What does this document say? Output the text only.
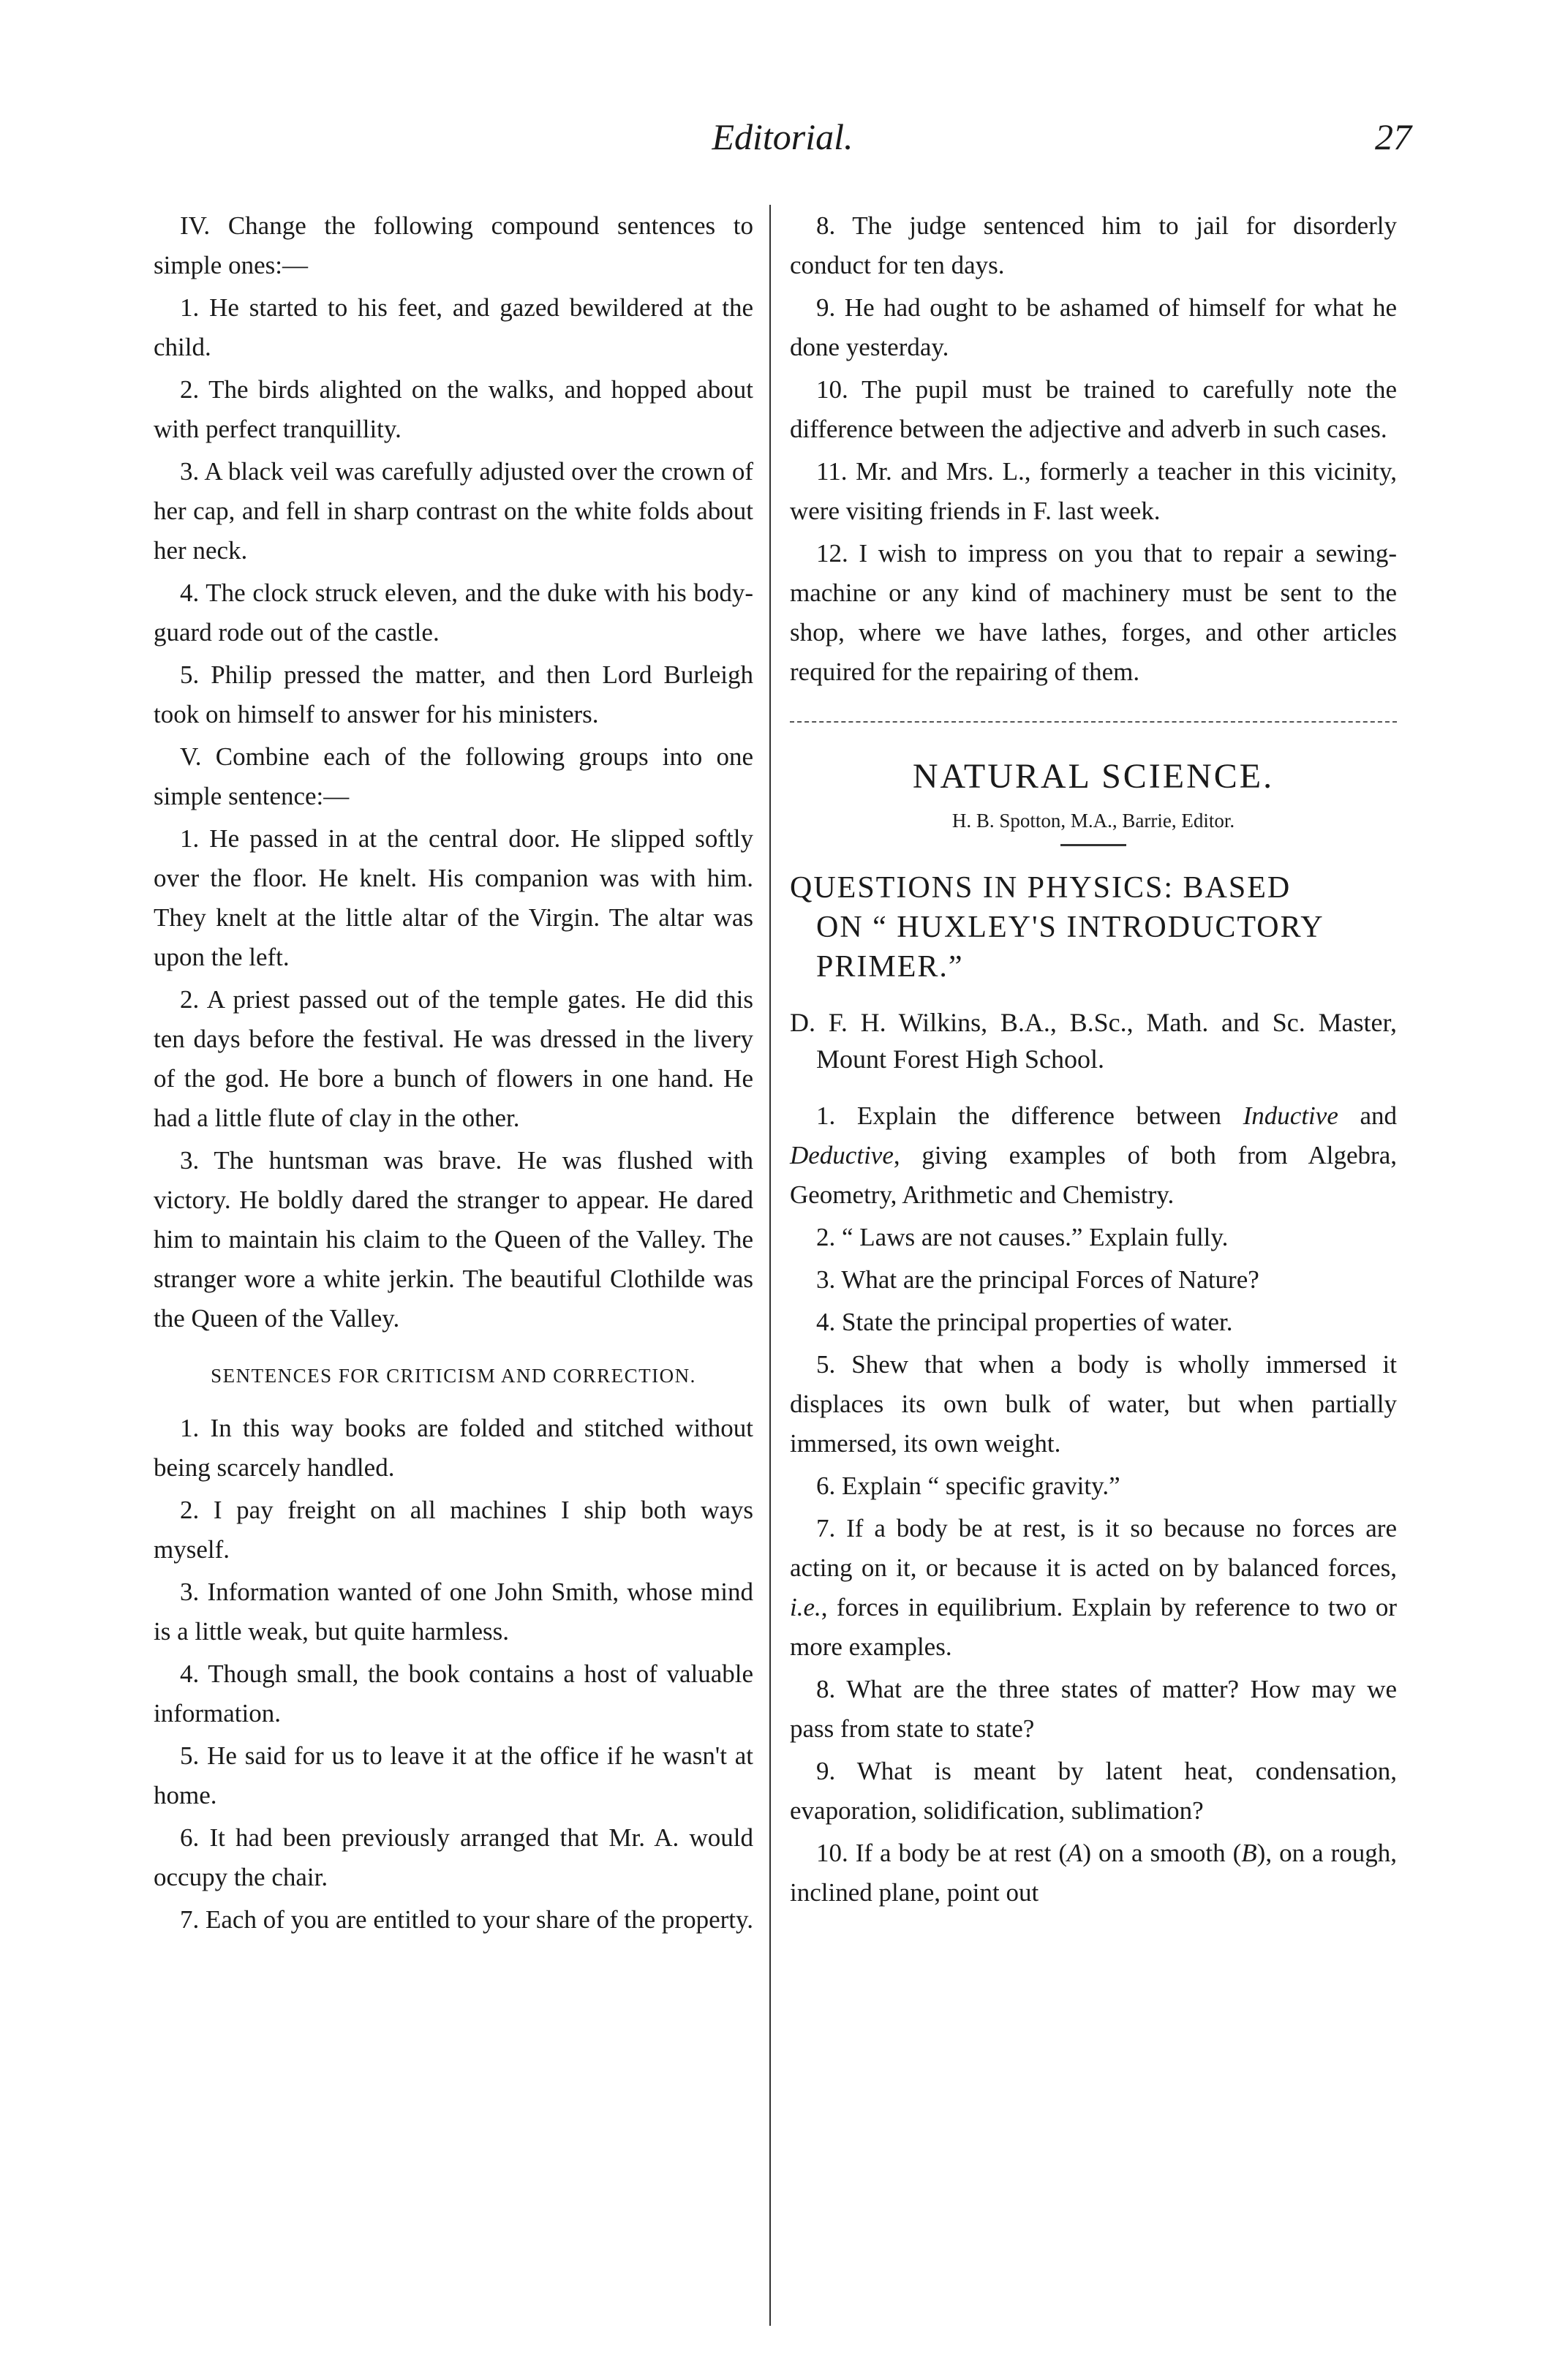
Editorial.	27

IV. Change the following compound sentences to simple ones:—

1. He started to his feet, and gazed bewildered at the child.

2. The birds alighted on the walks, and hopped about with perfect tranquillity.

3. A black veil was carefully adjusted over the crown of her cap, and fell in sharp contrast on the white folds about her neck.

4. The clock struck eleven, and the duke with his body-guard rode out of the castle.

5. Philip pressed the matter, and then Lord Burleigh took on himself to answer for his ministers.

V. Combine each of the following groups into one simple sentence:—

1. He passed in at the central door. He slipped softly over the floor. He knelt. His companion was with him. They knelt at the little altar of the Virgin. The altar was upon the left.

2. A priest passed out of the temple gates. He did this ten days before the festival. He was dressed in the livery of the god. He bore a bunch of flowers in one hand. He had a little flute of clay in the other.

3. The huntsman was brave. He was flushed with victory. He boldly dared the stranger to appear. He dared him to maintain his claim to the Queen of the Valley. The stranger wore a white jerkin. The beautiful Clothilde was the Queen of the Valley.

SENTENCES FOR CRITICISM AND CORRECTION.

1. In this way books are folded and stitched without being scarcely handled.

2. I pay freight on all machines I ship both ways myself.

3. Information wanted of one John Smith, whose mind is a little weak, but quite harmless.

4. Though small, the book contains a host of valuable information.

5. He said for us to leave it at the office if he wasn't at home.

6. It had been previously arranged that Mr. A. would occupy the chair.

7. Each of you are entitled to your share of the property.

8. The judge sentenced him to jail for disorderly conduct for ten days.

9. He had ought to be ashamed of himself for what he done yesterday.

10. The pupil must be trained to carefully note the difference between the adjective and adverb in such cases.

11. Mr. and Mrs. L., formerly a teacher in this vicinity, were visiting friends in F. last week.

12. I wish to impress on you that to repair a sewing-machine or any kind of machinery must be sent to the shop, where we have lathes, forges, and other articles required for the repairing of them.

NATURAL SCIENCE.
H. B. Spotton, M.A., Barrie, Editor.
QUESTIONS IN PHYSICS: BASED
ON “ HUXLEY'S INTRODUCTORY PRIMER.”
D. F. H. Wilkins, B.A., B.Sc., Math. and Sc. Master, Mount Forest High School.

1. Explain the difference between Inductive and Deductive, giving examples of both from Algebra, Geometry, Arithmetic and Chemistry.

2. “ Laws are not causes.” Explain fully.

3. What are the principal Forces of Nature?

4. State the principal properties of water.

5. Shew that when a body is wholly immersed it displaces its own bulk of water, but when partially immersed, its own weight.

6. Explain “ specific gravity.”

7. If a body be at rest, is it so because no forces are acting on it, or because it is acted on by balanced forces, i.e., forces in equilibrium. Explain by reference to two or more examples.

8. What are the three states of matter? How may we pass from state to state?

9. What is meant by latent heat, condensation, evaporation, solidification, sublimation?

10. If a body be at rest (A) on a smooth (B), on a rough, inclined plane, point out
